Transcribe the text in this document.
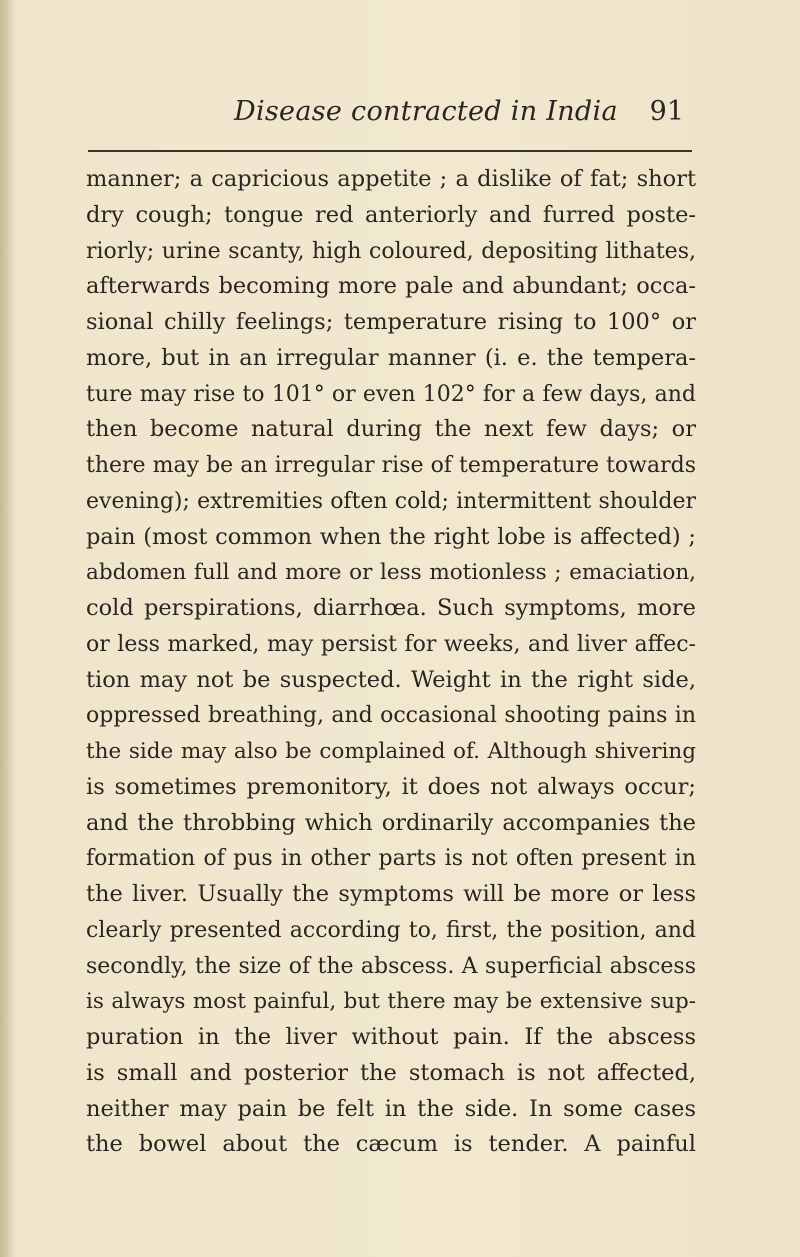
Disease contracted in India 91
manner; a capricious appetite ; a dislike of fat; short
dry cough; tongue red anteriorly and furred poste-
riorly; urine scanty, high coloured, depositing lithates,
afterwards becoming more pale and abundant; occa-
sional chilly feelings; temperature rising to 100° or
more, but in an irregular manner (i. e. the tempera-
ture may rise to 101° or even 102° for a few days, and
then become natural during the next few days; or
there may be an irregular rise of temperature towards
evening); extremities often cold; intermittent shoulder
pain (most common when the right lobe is affected) ;
abdomen full and more or less motionless ; emaciation,
cold perspirations, diarrhœa. Such symptoms, more
or less marked, may persist for weeks, and liver affec-
tion may not be suspected. Weight in the right side,
oppressed breathing, and occasional shooting pains in
the side may also be complained of. Although shivering
is sometimes premonitory, it does not always occur;
and the throbbing which ordinarily accompanies the
formation of pus in other parts is not often present in
the liver. Usually the symptoms will be more or less
clearly presented according to, first, the position, and
secondly, the size of the abscess. A superficial abscess
is always most painful, but there may be extensive sup-
puration in the liver without pain. If the abscess
is small and posterior the stomach is not affected,
neither may pain be felt in the side. In some cases
the bowel about the cæcum is tender. A painful
